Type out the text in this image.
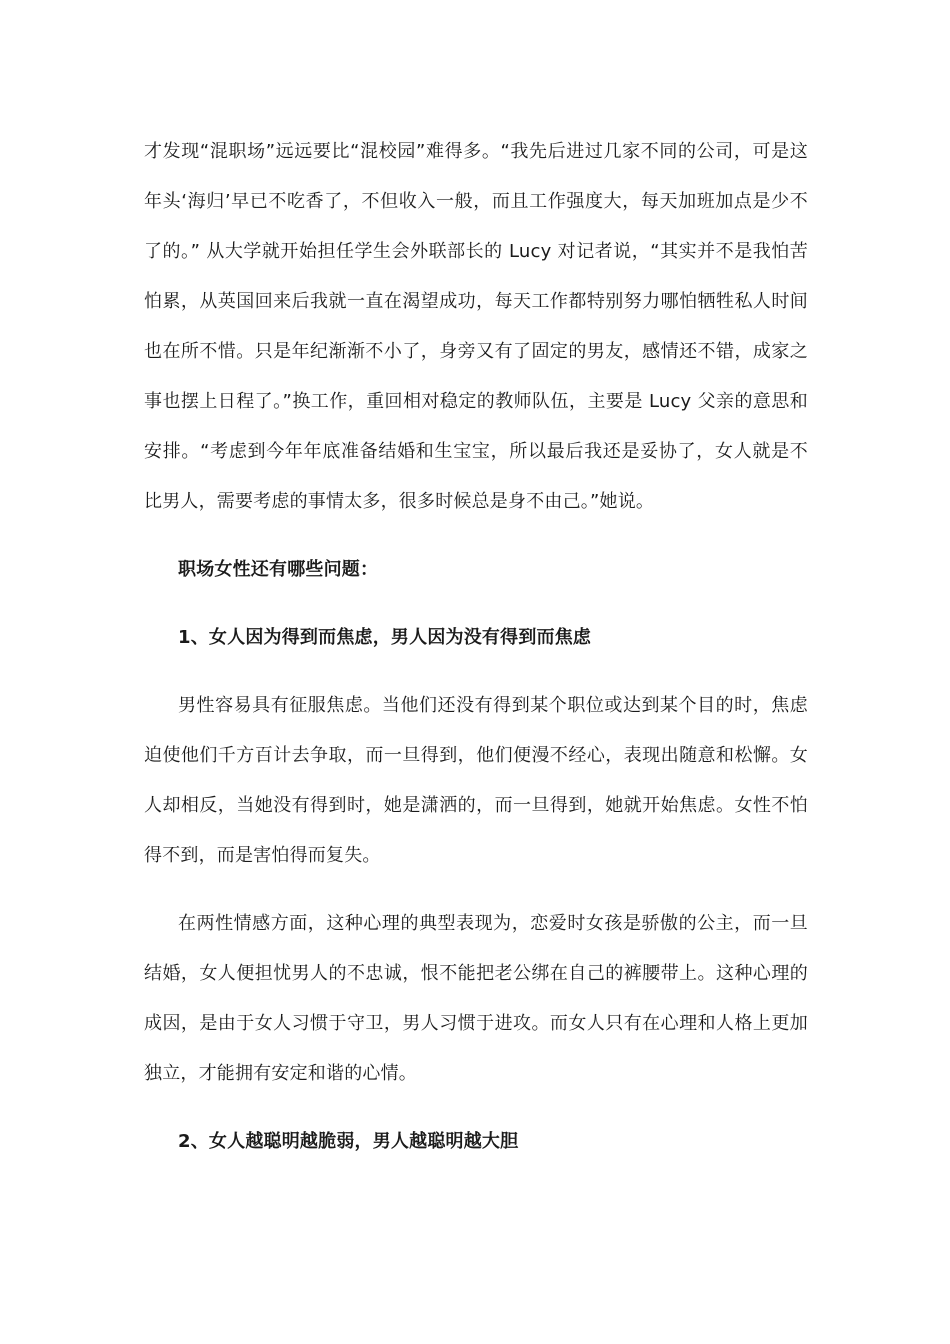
才发现“混职场”远远要比“混校园”难得多。“我先后进过几家不同的公司，可是这年头‘海归’早已不吃香了，不但收入一般，而且工作强度大，每天加班加点是少不了的。” 从大学就开始担任学生会外联部长的 Lucy 对记者说，“其实并不是我怕苦怕累，从英国回来后我就一直在渴望成功，每天工作都特别努力哪怕牺牲私人时间也在所不惜。只是年纪渐渐不小了，身旁又有了固定的男友，感情还不错，成家之事也摆上日程了。”换工作，重回相对稳定的教师队伍，主要是 Lucy 父亲的意思和安排。“考虑到今年年底准备结婚和生宝宝，所以最后我还是妥协了，女人就是不比男人，需要考虑的事情太多，很多时候总是身不由己。”她说。

职场女性还有哪些问题：

1、女人因为得到而焦虑，男人因为没有得到而焦虑

男性容易具有征服焦虑。当他们还没有得到某个职位或达到某个目的时，焦虑迫使他们千方百计去争取，而一旦得到，他们便漫不经心，表现出随意和松懈。女人却相反，当她没有得到时，她是潇洒的，而一旦得到，她就开始焦虑。女性不怕得不到，而是害怕得而复失。

在两性情感方面，这种心理的典型表现为，恋爱时女孩是骄傲的公主，而一旦结婚，女人便担忧男人的不忠诚，恨不能把老公绑在自己的裤腰带上。这种心理的成因，是由于女人习惯于守卫，男人习惯于进攻。而女人只有在心理和人格上更加独立，才能拥有安定和谐的心情。

2、女人越聪明越脆弱，男人越聪明越大胆
